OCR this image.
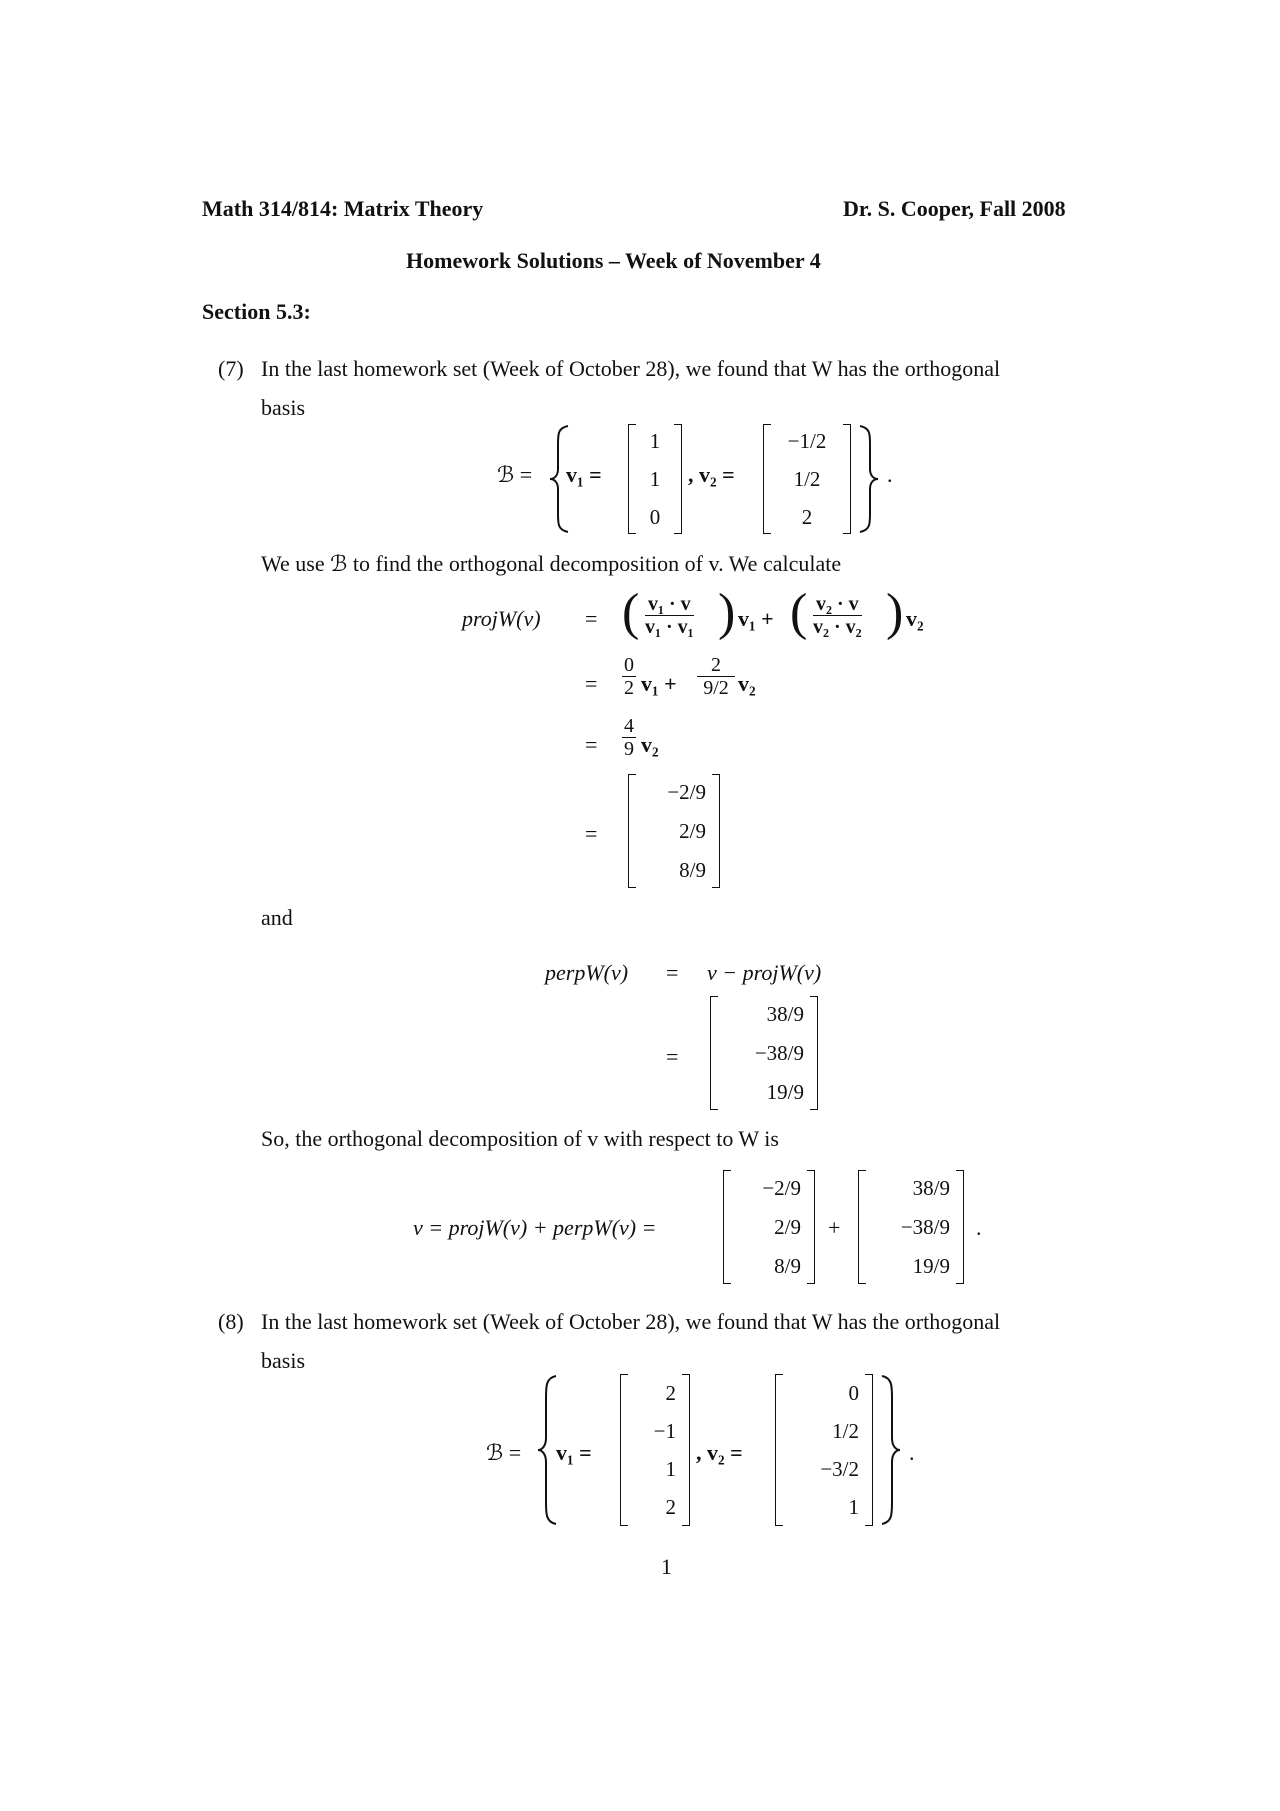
Math 314/814: Matrix Theory	Dr. S. Cooper, Fall 2008
Homework Solutions – Week of November 4
Section 5.3:
(7) In the last homework set (Week of October 28), we found that W has the orthogonal
basis
ℬ = v₁ =
1
1
0
, v₂ =
−1/2
1/2
2
.
We use ℬ to find the orthogonal decomposition of v. We calculate
projW(v) = ( v₁ · v
v₁ · v₁ ) v₁ + ( v₂ · v
v₂ · v₂ ) v₂
=
0
2 v₁ +
2
9/2 v₂
=
4
9 v₂
=
−2/9
2/9
8/9
and
perpW(v) = v − projW(v)
=
38/9
−38/9
19/9
So, the orthogonal decomposition of v with respect to W is
v = projW(v) + perpW(v) =
−2/9
2/9
8/9
+
38/9
−38/9
19/9
.
(8) In the last homework set (Week of October 28), we found that W has the orthogonal
basis
ℬ = v₁ =
2
−1
1
2
, v₂ =
0
1/2
−3/2
1
.
1
